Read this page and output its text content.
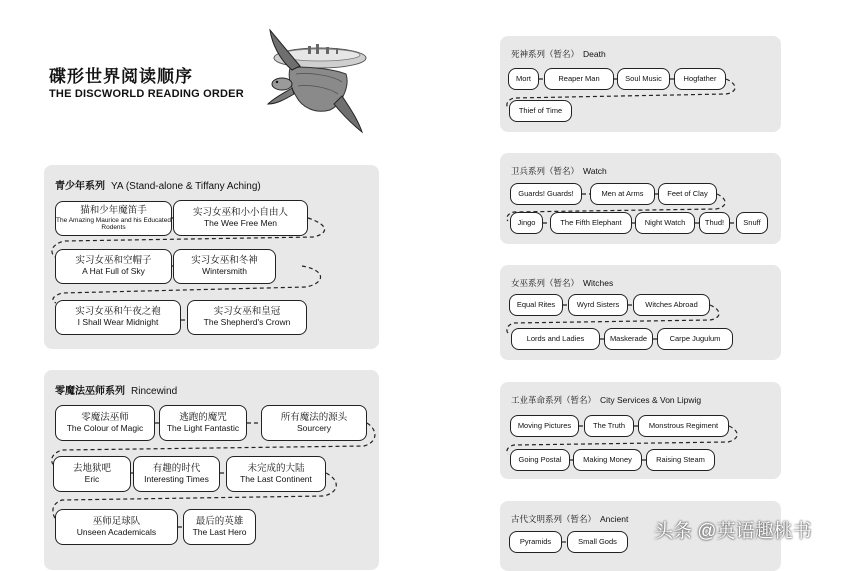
碟形世界阅读顺序
THE DISCWORLD READING ORDER
青少年系列 YA (Stand-alone & Tiffany Aching)
猫和少年魔笛手
The Amazing Maurice and his Educated Rodents
实习女巫和小小自由人
The Wee Free Men
实习女巫和空帽子
A Hat Full of Sky
实习女巫和冬神
Wintersmith
实习女巫和午夜之袍
I Shall Wear Midnight
实习女巫和皇冠
The Shepherd's Crown
零魔法巫师系列 Rincewind
零魔法巫师
The Colour of Magic
逃跑的魔咒
The Light Fantastic
所有魔法的源头
Sourcery
去地狱吧
Eric
有趣的时代
Interesting Times
未完成的大陆
The Last Continent
巫师足球队
Unseen Academicals
最后的英雄
The Last Hero
死神系列（暂名） Death
Mort	Reaper Man	Soul Music	Hogfather
Thief of Time
卫兵系列（暂名） Watch
Guards! Guards!	Men at Arms	Feet of Clay
Jingo	The Fifth Elephant	Night Watch	Thud!	Snuff
女巫系列（暂名） Witches
Equal Rites	Wyrd Sisters	Witches Abroad
Lords and Ladies	Maskerade	Carpe Jugulum
工业革命系列（暂名） City Services & Von Lipwig
Moving Pictures	The Truth	Monstrous Regiment
Going Postal	Making Money	Raising Steam
古代文明系列（暂名） Ancient
Pyramids	Small Gods 头条 @英语趣桃书
